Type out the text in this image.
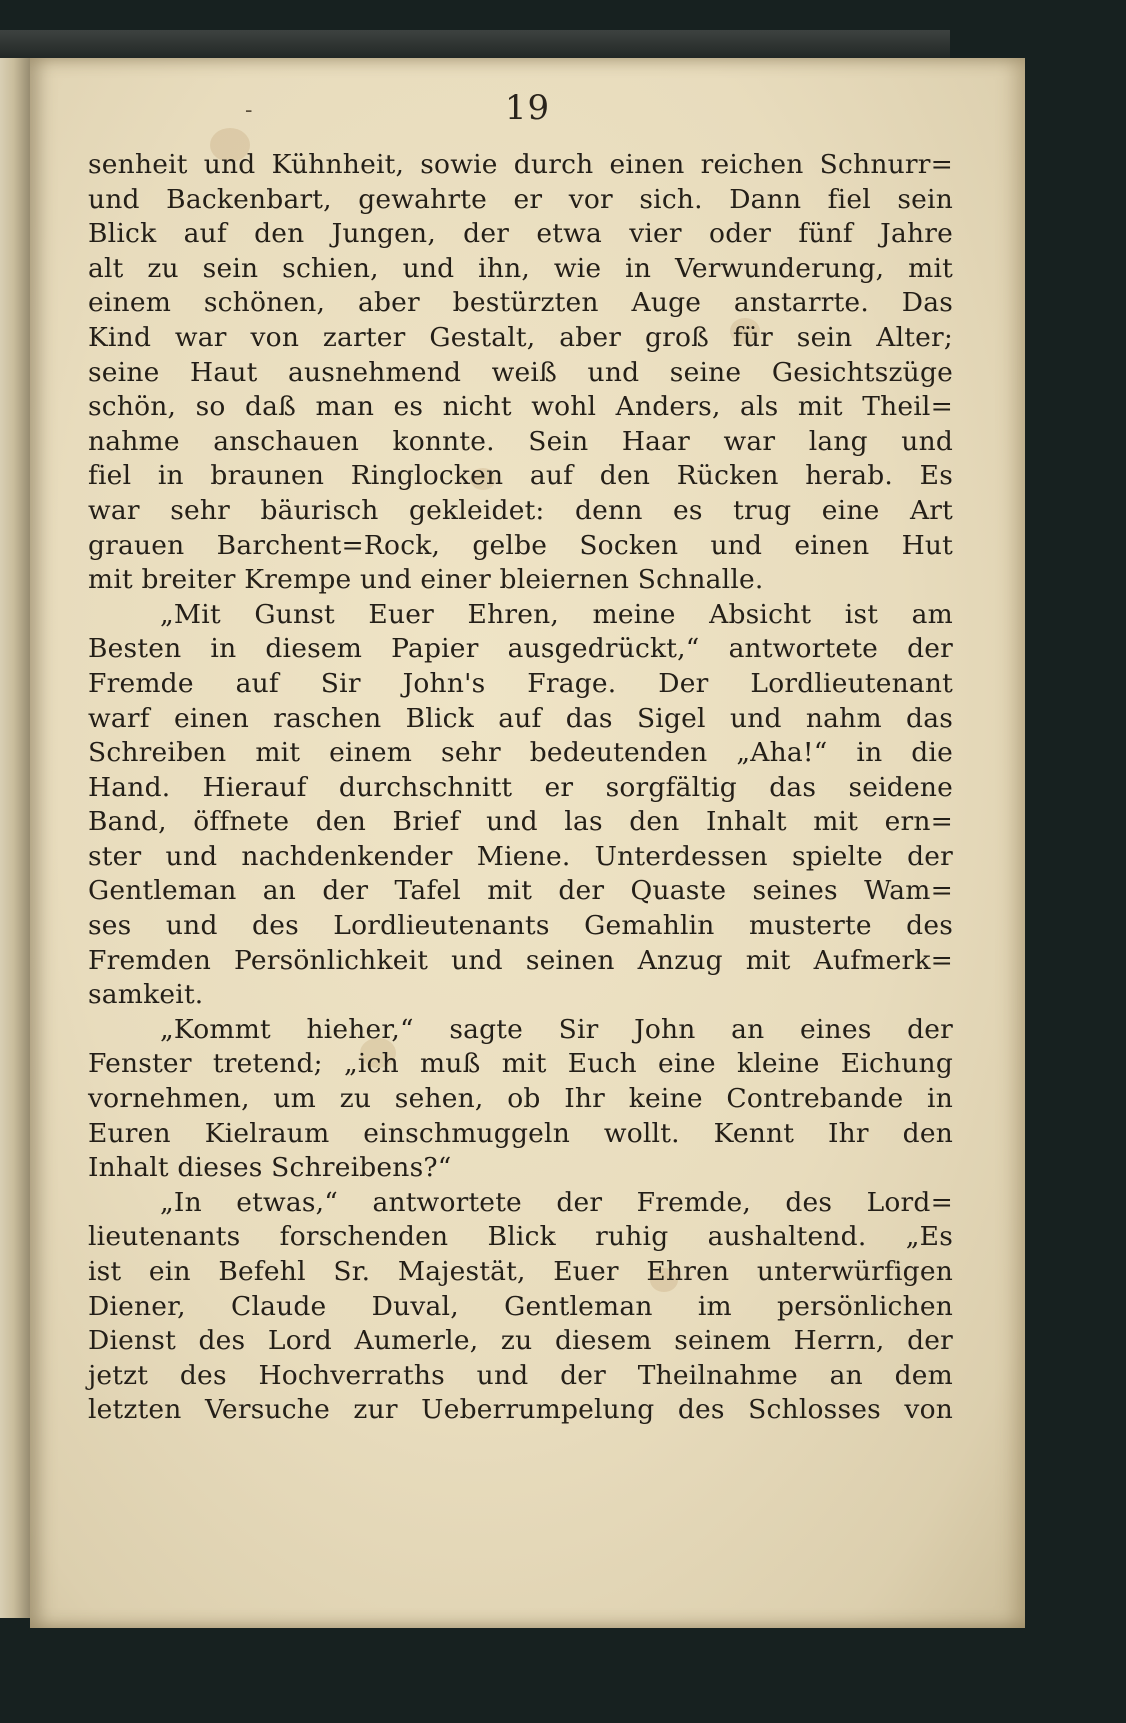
-	19
senheit und Kühnheit, sowie durch einen reichen Schnurr=
und Backenbart, gewahrte er vor sich. Dann fiel sein
Blick auf den Jungen, der etwa vier oder fünf Jahre
alt zu sein schien, und ihn, wie in Verwunderung, mit
einem schönen, aber bestürzten Auge anstarrte. Das
Kind war von zarter Gestalt, aber groß für sein Alter;
seine Haut ausnehmend weiß und seine Gesichtszüge
schön, so daß man es nicht wohl Anders, als mit Theil=
nahme anschauen konnte. Sein Haar war lang und
fiel in braunen Ringlocken auf den Rücken herab. Es
war sehr bäurisch gekleidet: denn es trug eine Art
grauen Barchent=Rock, gelbe Socken und einen Hut
mit breiter Krempe und einer bleiernen Schnalle.
„Mit Gunst Euer Ehren, meine Absicht ist am
Besten in diesem Papier ausgedrückt,“ antwortete der
Fremde auf Sir John's Frage. Der Lordlieutenant
warf einen raschen Blick auf das Sigel und nahm das
Schreiben mit einem sehr bedeutenden „Aha!“ in die
Hand. Hierauf durchschnitt er sorgfältig das seidene
Band, öffnete den Brief und las den Inhalt mit ern=
ster und nachdenkender Miene. Unterdessen spielte der
Gentleman an der Tafel mit der Quaste seines Wam=
ses und des Lordlieutenants Gemahlin musterte des
Fremden Persönlichkeit und seinen Anzug mit Aufmerk=
samkeit.
„Kommt hieher,“ sagte Sir John an eines der
Fenster tretend; „ich muß mit Euch eine kleine Eichung
vornehmen, um zu sehen, ob Ihr keine Contrebande in
Euren Kielraum einschmuggeln wollt. Kennt Ihr den
Inhalt dieses Schreibens?“
„In etwas,“ antwortete der Fremde, des Lord=
lieutenants forschenden Blick ruhig aushaltend. „Es
ist ein Befehl Sr. Majestät, Euer Ehren unterwürfigen
Diener, Claude Duval, Gentleman im persönlichen
Dienst des Lord Aumerle, zu diesem seinem Herrn, der
jetzt des Hochverraths und der Theilnahme an dem
letzten Versuche zur Ueberrumpelung des Schlosses von
